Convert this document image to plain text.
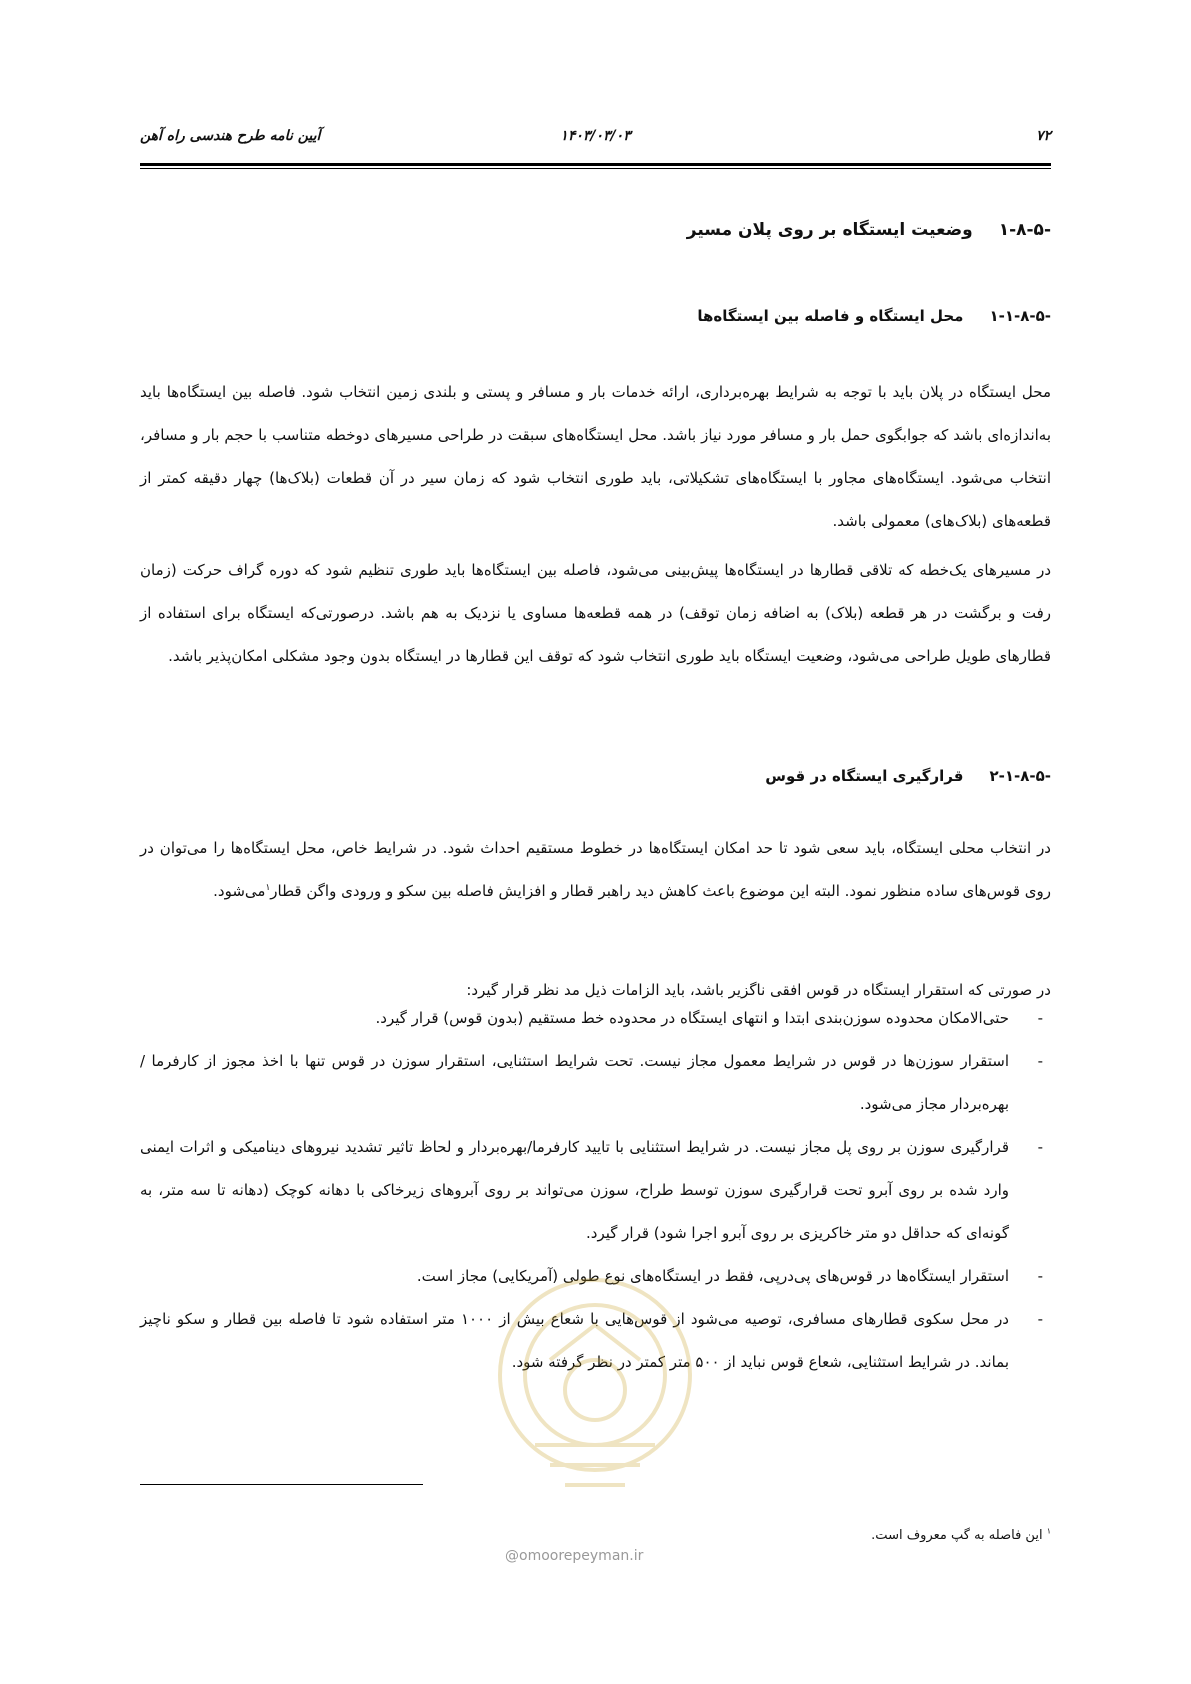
۷۲
۱۴۰۳/۰۳/۰۳
آیین نامه طرح هندسی راه آهن
-۱-۸-۵وضعیت ایستگاه بر روی پلان مسیر
-۱-۱-۸-۵محل ایستگاه و فاصله بین ایستگاه‌ها

محل ایستگاه در پلان باید با توجه به شرایط بهره‌برداری، ارائه خدمات بار و مسافر و پستی و بلندی زمین انتخاب شود. فاصله بین ایستگاه‌ها باید به‌اندازه‌ای باشد که جوابگوی حمل بار و مسافر مورد نیاز باشد. محل ایستگاه‌های سبقت در طراحی مسیرهای دوخطه متناسب با حجم بار و مسافر، انتخاب می‌شود. ایستگاه‌های مجاور با ایستگاه‌های تشکیلاتی، باید طوری انتخاب شود که زمان سیر در آن قطعات (بلاک‌ها) چهار دقیقه کمتر از قطعه‌های (بلاک‌های) معمولی باشد.

در مسیرهای یک‌خطه که تلاقی قطارها در ایستگاه‌ها پیش‌بینی می‌شود، فاصله بین ایستگاه‌ها باید طوری تنظیم شود که دوره گراف حرکت (زمان رفت و برگشت در هر قطعه (بلاک) به اضافه زمان توقف) در همه قطعه‌ها مساوی یا نزدیک به هم باشد. درصورتی‌که ایستگاه برای استفاده از قطارهای طویل طراحی می‌شود، وضعیت ایستگاه باید طوری انتخاب شود که توقف این قطارها در ایستگاه بدون وجود مشکلی امکان‌پذیر باشد.

-۲-۱-۸-۵قرارگیری ایستگاه در قوس

در انتخاب محلی ایستگاه، باید سعی شود تا حد امکان ایستگاه‌ها در خطوط مستقیم احداث شود. در شرایط خاص، محل ایستگاه‌ها را می‌توان در روی قوس‌های ساده منظور نمود. البته این موضوع باعث کاهش دید راهبر قطار و افزایش فاصله بین سکو و ورودی واگن قطار$^۱$می‌شود.

در صورتی که استقرار ایستگاه در قوس افقی ناگزیر باشد، باید الزامات ذیل مد نظر قرار گیرد:

-
حتی‌الامکان محدوده سوزن‌بندی ابتدا و انتهای ایستگاه در محدوده خط مستقیم (بدون قوس) قرار گیرد.
-
استقرار سوزن‌ها در قوس در شرایط معمول مجاز نیست. تحت شرایط استثنایی، استقرار سوزن در قوس تنها با اخذ مجوز از کارفرما / بهره‌بردار مجاز می‌شود.
-
قرارگیری سوزن بر روی پل مجاز نیست. در شرایط استثنایی با تایید کارفرما/بهره‌بردار و لحاظ تاثیر تشدید نیروهای دینامیکی و اثرات ایمنی وارد شده بر روی آبرو تحت قرارگیری سوزن توسط طراح، سوزن می‌تواند بر روی آبروهای زیرخاکی با دهانه کوچک (دهانه تا سه متر، به گونه‌ای که حداقل دو متر خاکریزی بر روی آبرو اجرا شود) قرار گیرد.
-
استقرار ایستگاه‌ها در قوس‌های پی‌درپی، فقط در ایستگاه‌های نوع طولی (آمریکایی) مجاز است.
-
در محل سکوی قطارهای مسافری، توصیه می‌شود از قوس‌هایی با شعاع بیش از ۱۰۰۰ متر استفاده شود تا فاصله بین قطار و سکو ناچیز بماند. در شرایط استثنایی، شعاع قوس نباید از ۵۰۰ متر کمتر در نظر گرفته شود.
@omoorepeyman.ir
$^۱$ این فاصله به گپ معروف است.
